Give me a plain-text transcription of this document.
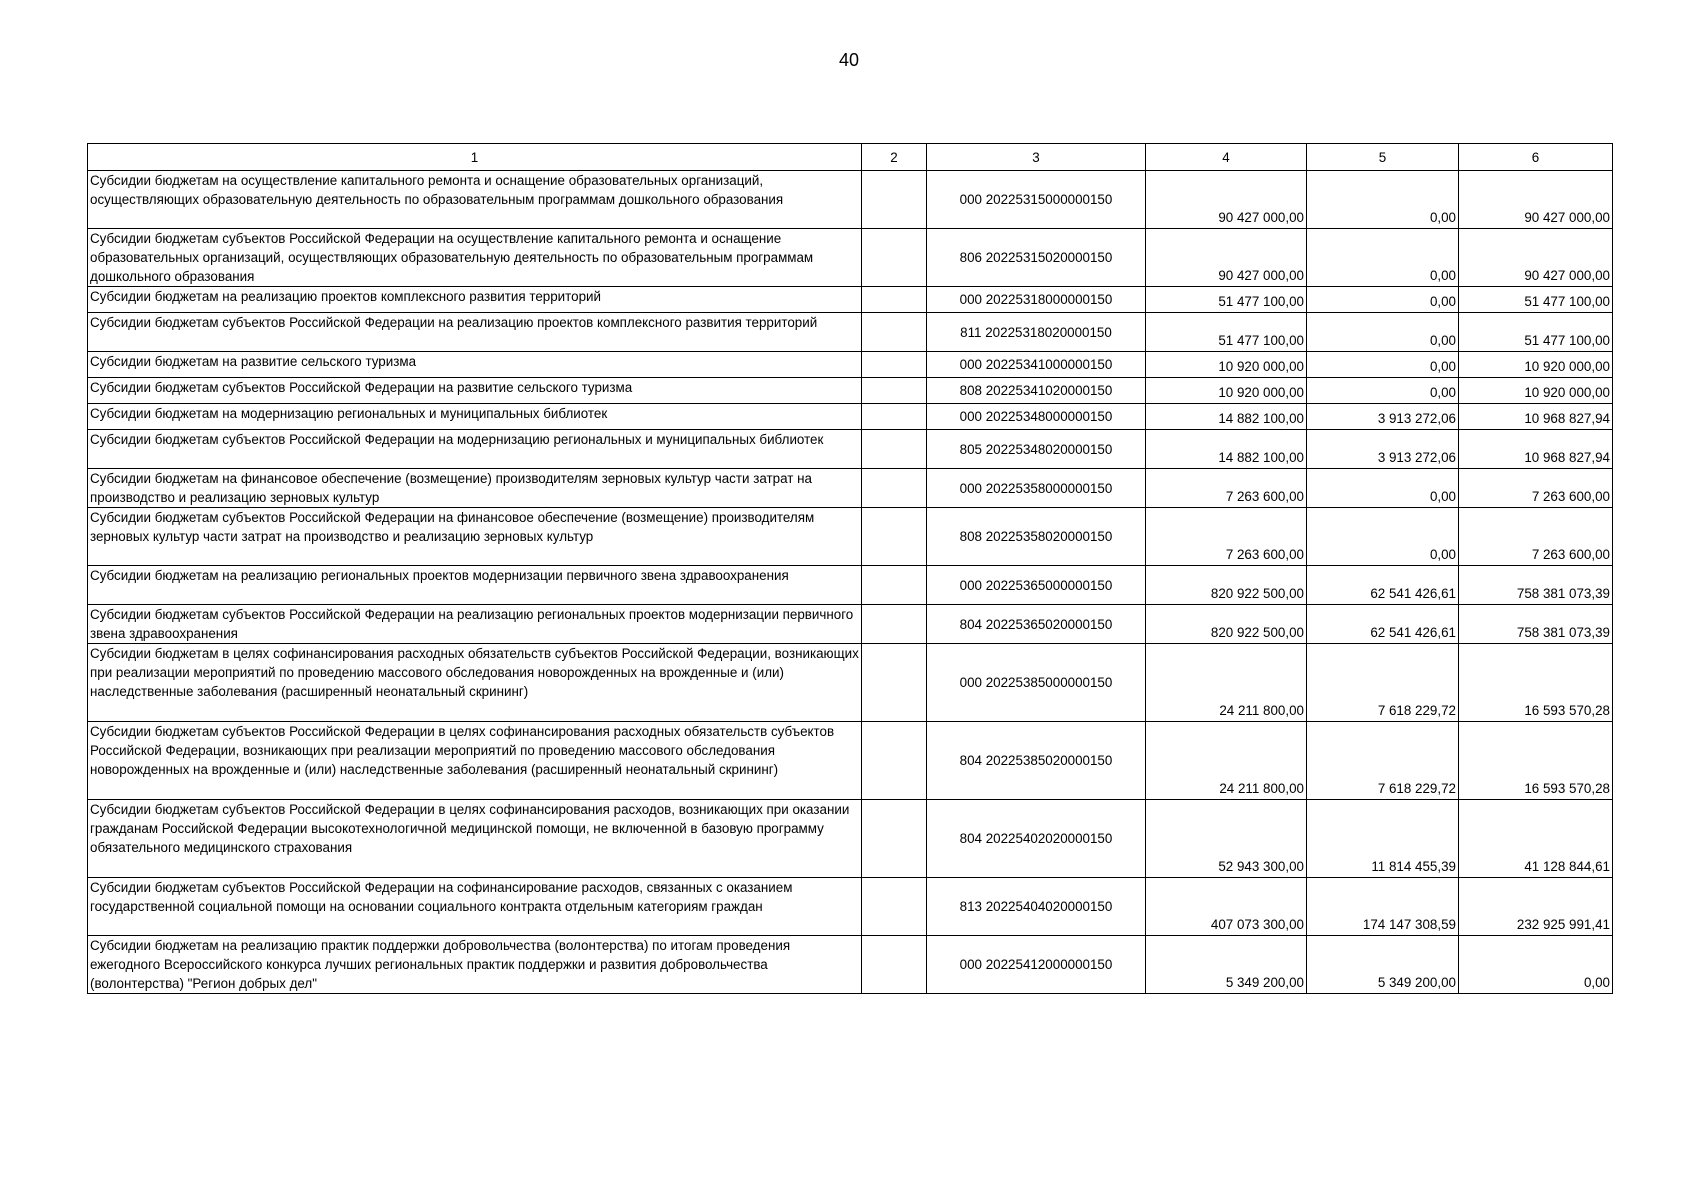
40
1	2	3	4	5	6
Субсидии бюджетам на осуществление капитального ремонта и оснащение образовательных организаций, осуществляющих образовательную деятельность по образовательным программам дошкольного образования		000 20225315000000150	90 427 000,00	0,00	90 427 000,00
Субсидии бюджетам субъектов Российской Федерации на осуществление капитального ремонта и оснащение образовательных организаций, осуществляющих образовательную деятельность по образовательным программам дошкольного образования		806 20225315020000150	90 427 000,00	0,00	90 427 000,00
Субсидии бюджетам на реализацию проектов комплексного развития территорий		000 20225318000000150	51 477 100,00	0,00	51 477 100,00
Субсидии бюджетам субъектов Российской Федерации на реализацию проектов комплексного развития территорий		811 20225318020000150	51 477 100,00	0,00	51 477 100,00
Субсидии бюджетам на развитие сельского туризма		000 20225341000000150	10 920 000,00	0,00	10 920 000,00
Субсидии бюджетам субъектов Российской Федерации на развитие сельского туризма		808 20225341020000150	10 920 000,00	0,00	10 920 000,00
Субсидии бюджетам на модернизацию региональных и муниципальных библиотек		000 20225348000000150	14 882 100,00	3 913 272,06	10 968 827,94
Субсидии бюджетам субъектов Российской Федерации на модернизацию региональных и муниципальных библиотек		805 20225348020000150	14 882 100,00	3 913 272,06	10 968 827,94
Субсидии бюджетам на финансовое обеспечение (возмещение) производителям зерновых культур части затрат на производство и реализацию зерновых культур		000 20225358000000150	7 263 600,00	0,00	7 263 600,00
Субсидии бюджетам субъектов Российской Федерации на финансовое обеспечение (возмещение) производителям зерновых культур части затрат на производство и реализацию зерновых культур		808 20225358020000150	7 263 600,00	0,00	7 263 600,00
Субсидии бюджетам на реализацию региональных проектов модернизации первичного звена здравоохранения		000 20225365000000150	820 922 500,00	62 541 426,61	758 381 073,39
Субсидии бюджетам субъектов Российской Федерации на реализацию региональных проектов модернизации первичного звена здравоохранения		804 20225365020000150	820 922 500,00	62 541 426,61	758 381 073,39
Субсидии бюджетам в целях софинансирования расходных обязательств субъектов Российской Федерации, возникающих при реализации мероприятий по проведению массового обследования новорожденных на врожденные и (или) наследственные заболевания (расширенный неонатальный скрининг)		000 20225385000000150	24 211 800,00	7 618 229,72	16 593 570,28
Субсидии бюджетам субъектов Российской Федерации в целях софинансирования расходных обязательств субъектов Российской Федерации, возникающих при реализации мероприятий по проведению массового обследования новорожденных на врожденные и (или) наследственные заболевания (расширенный неонатальный скрининг)		804 20225385020000150	24 211 800,00	7 618 229,72	16 593 570,28
Субсидии бюджетам субъектов Российской Федерации в целях софинансирования расходов, возникающих при оказании гражданам Российской Федерации высокотехнологичной медицинской помощи, не включенной в базовую программу обязательного медицинского страхования		804 20225402020000150	52 943 300,00	11 814 455,39	41 128 844,61
Субсидии бюджетам субъектов Российской Федерации на софинансирование расходов, связанных с оказанием государственной социальной помощи на основании социального контракта отдельным категориям граждан		813 20225404020000150	407 073 300,00	174 147 308,59	232 925 991,41
Субсидии бюджетам на реализацию практик поддержки добровольчества (волонтерства) по итогам проведения ежегодного Всероссийского конкурса лучших региональных практик поддержки и развития добровольчества (волонтерства) "Регион добрых дел"		000 20225412000000150	5 349 200,00	5 349 200,00	0,00
